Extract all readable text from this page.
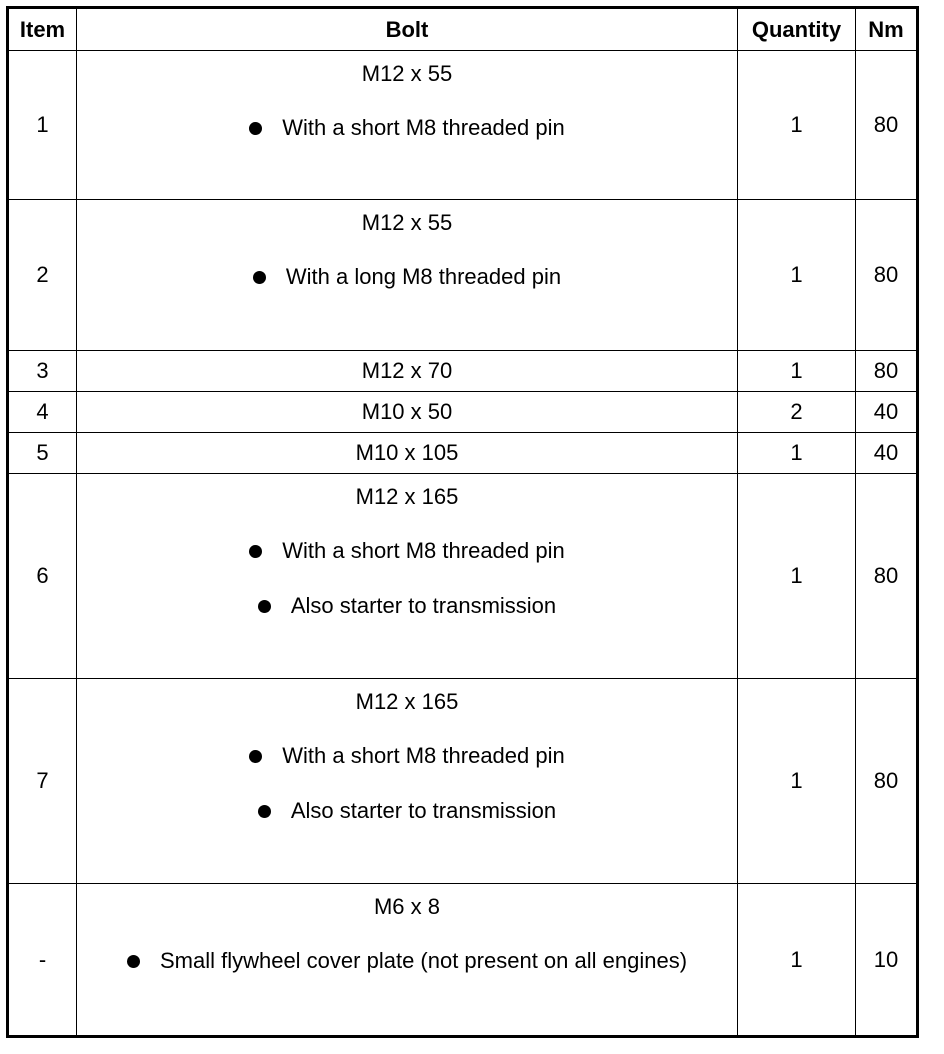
Item	Bolt	Quantity	Nm
1	M12 x 55
With a short M8 threaded pin	1	80
2	M12 x 55
With a long M8 threaded pin	1	80
3	M12 x 70	1	80
4	M10 x 50	2	40
5	M10 x 105	1	40
6	M12 x 165
With a short M8 threaded pin
Also starter to transmission	1	80
7	M12 x 165
With a short M8 threaded pin
Also starter to transmission	1	80
-	M6 x 8
Small flywheel cover plate (not present on all engines)	1	10
